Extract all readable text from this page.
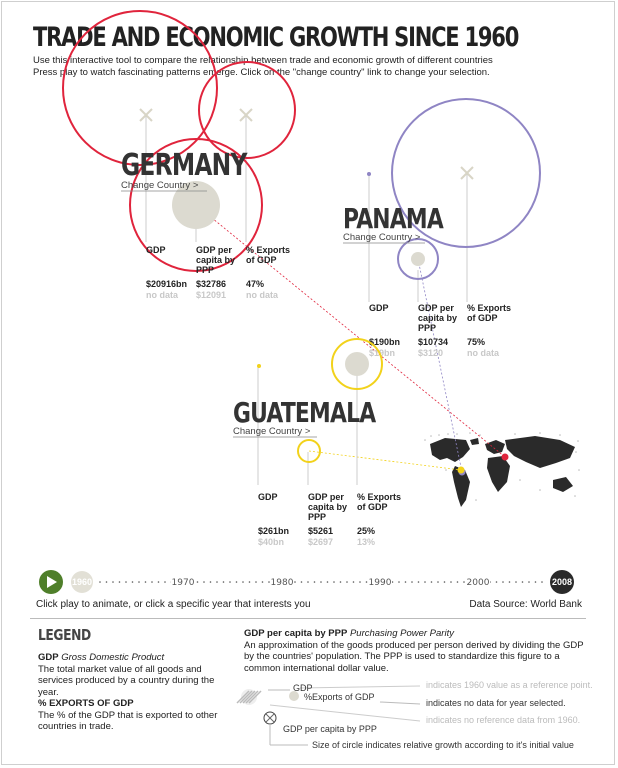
TRADE AND ECONOMIC GROWTH SINCE 1960
Use this interactive tool to compare the relationship between trade and economic growth of different countries
Press play to watch fascinating patterns emerge. Click on the "change country" link to change your selection.
GERMANY
Change Country >
GDP	GDP per
capita by
PPP
% Exports
of GDP
$20916bn $32786 47%
no data $12091 no data
PANAMA
Change Country >
GDP	GDP per
capita by
PPP
% Exports
of GDP
$190bn $10734 75%
$19bn	$3120	no data
GUATEMALA
Change Country >
GDP	GDP per
capita by
PPP
% Exports
of GDP
$261bn $5261	25%
$40bn	$2697	13%
1960	1970	1980	1990	2000	2008
Click play to animate, or click a specific year that interests you	Data Source: World Bank
LEGEND
GDP Gross Domestic Product
The total market value of all goods and services produced by a country during the year.
% EXPORTS OF GDP
The % of the GDP that is exported to other countries in trade.
GDP per capita by PPP Purchasing Power Parity
An approximation of the goods produced per person derived by dividing the GDP by the countries' population. The PPP is used to standardize this figure to a common international dollar value.
GDP
%Exports of GDP
indicates 1960 value as a reference point.
indicates no data for year selected.
indicates no reference data from 1960.
GDP per capita by PPP
Size of circle indicates relative growth according to it's initial value
